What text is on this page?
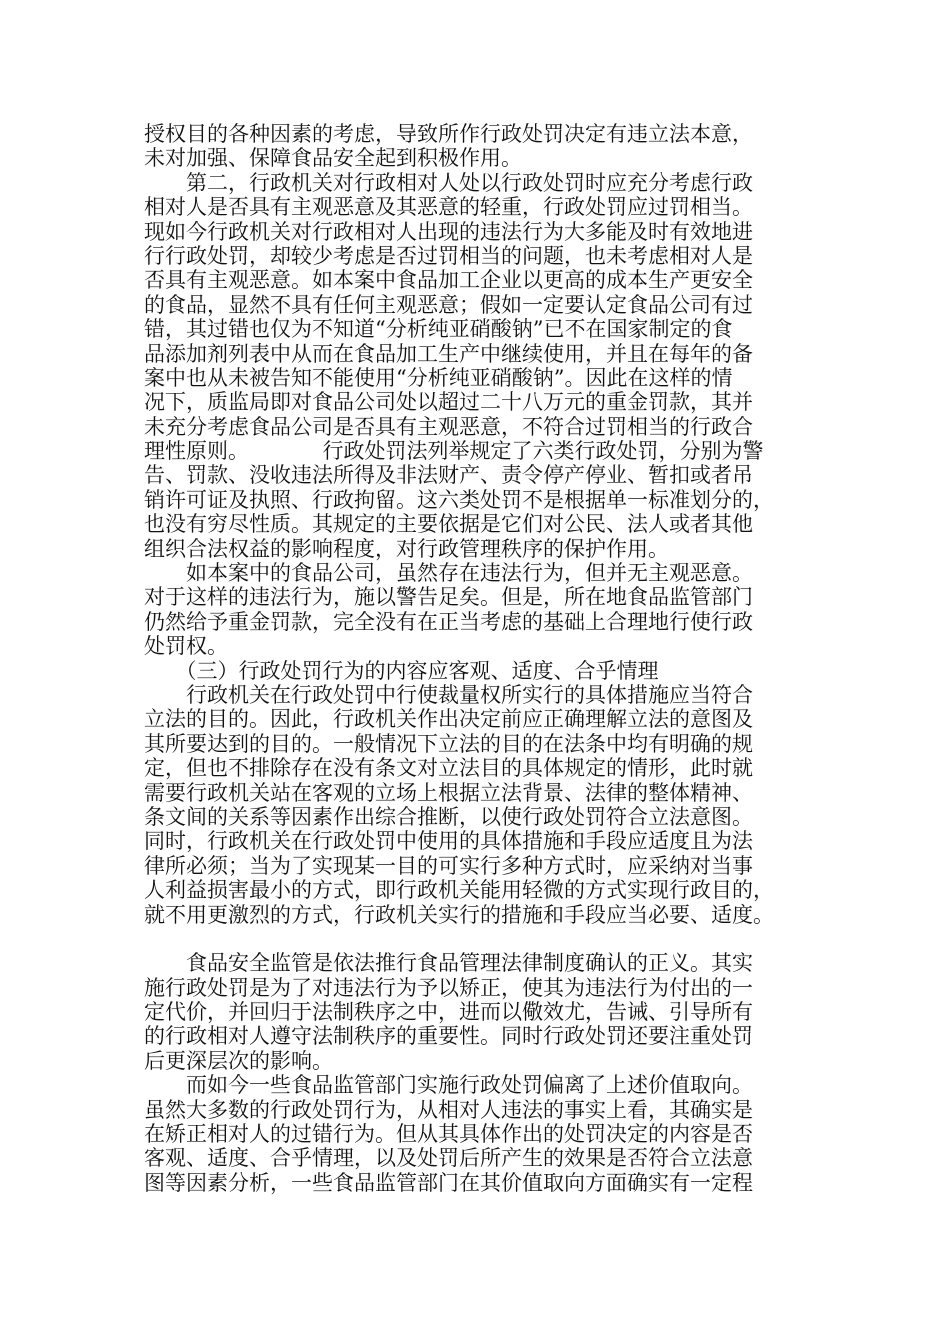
授权目的各种因素的考虑，导致所作行政处罚决定有违立法本意，
未对加强、保障食品安全起到积极作用。
　　第二，行政机关对行政相对人处以行政处罚时应充分考虑行政
相对人是否具有主观恶意及其恶意的轻重，行政处罚应过罚相当。
现如今行政机关对行政相对人出现的违法行为大多能及时有效地进
行行政处罚，却较少考虑是否过罚相当的问题，也未考虑相对人是
否具有主观恶意。如本案中食品加工企业以更高的成本生产更安全
的食品，显然不具有任何主观恶意；假如一定要认定食品公司有过
错，其过错也仅为不知道“分析纯亚硝酸钠”已不在国家制定的食
品添加剂列表中从而在食品加工生产中继续使用，并且在每年的备
案中也从未被告知不能使用“分析纯亚硝酸钠”。因此在这样的情
况下，质监局即对食品公司处以超过二十八万元的重金罚款，其并
未充分考虑食品公司是否具有主观恶意，不符合过罚相当的行政合
理性原则。　　　　行政处罚法列举规定了六类行政处罚，分别为警
告、罚款、没收违法所得及非法财产、责令停产停业、暂扣或者吊
销许可证及执照、行政拘留。这六类处罚不是根据单一标准划分的，
也没有穷尽性质。其规定的主要依据是它们对公民、法人或者其他
组织合法权益的影响程度，对行政管理秩序的保护作用。
　　如本案中的食品公司，虽然存在违法行为，但并无主观恶意。
对于这样的违法行为，施以警告足矣。但是，所在地食品监管部门
仍然给予重金罚款，完全没有在正当考虑的基础上合理地行使行政
处罚权。
　　（三）行政处罚行为的内容应客观、适度、合乎情理
　　行政机关在行政处罚中行使裁量权所实行的具体措施应当符合
立法的目的。因此，行政机关作出决定前应正确理解立法的意图及
其所要达到的目的。一般情况下立法的目的在法条中均有明确的规
定，但也不排除存在没有条文对立法目的具体规定的情形，此时就
需要行政机关站在客观的立场上根据立法背景、法律的整体精神、
条文间的关系等因素作出综合推断，以使行政处罚符合立法意图。
同时，行政机关在行政处罚中使用的具体措施和手段应适度且为法
律所必须；当为了实现某一目的可实行多种方式时，应采纳对当事
人利益损害最小的方式，即行政机关能用轻微的方式实现行政目的，
就不用更激烈的方式，行政机关实行的措施和手段应当必要、适度。
　　食品安全监管是依法推行食品管理法律制度确认的正义。其实
施行政处罚是为了对违法行为予以矫正，使其为违法行为付出的一
定代价，并回归于法制秩序之中，进而以儆效尤，告诫、引导所有
的行政相对人遵守法制秩序的重要性。同时行政处罚还要注重处罚
后更深层次的影响。
　　而如今一些食品监管部门实施行政处罚偏离了上述价值取向。
虽然大多数的行政处罚行为，从相对人违法的事实上看，其确实是
在矫正相对人的过错行为。但从其具体作出的处罚决定的内容是否
客观、适度、合乎情理，以及处罚后所产生的效果是否符合立法意
图等因素分析，一些食品监管部门在其价值取向方面确实有一定程
